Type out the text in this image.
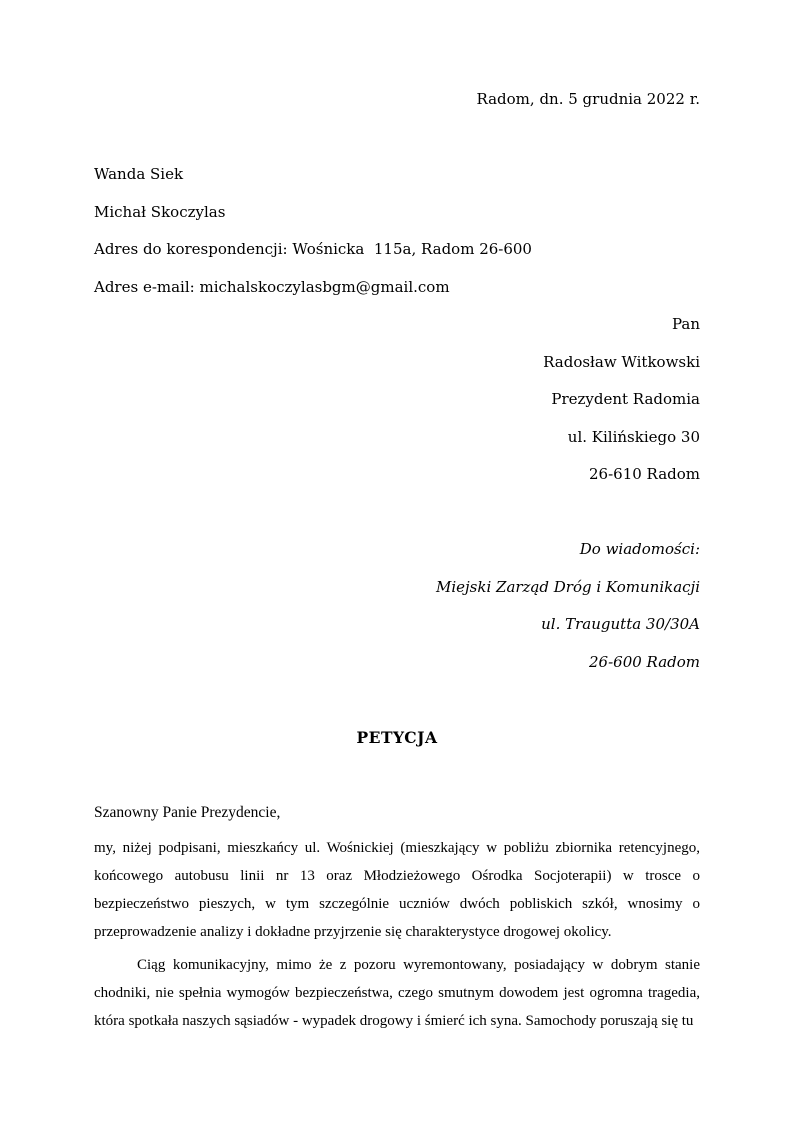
Radom, dn. 5 grudnia 2022 r.
Wanda Siek
Michał Skoczylas
Adres do korespondencji: Wośnicka  115a, Radom 26-600
Adres e-mail: michalskoczylasbgm@gmail.com
Pan
Radosław Witkowski
Prezydent Radomia
ul. Kilińskiego 30
26-610 Radom
Do wiadomości:
Miejski Zarząd Dróg i Komunikacji
ul. Traugutta 30/30A
26-600 Radom
PETYCJA
Szanowny Panie Prezydencie,

my, niżej podpisani, mieszkańcy ul. Wośnickiej (mieszkający w pobliżu zbiornika retencyjnego, końcowego autobusu linii nr 13 oraz Młodzieżowego Ośrodka Socjoterapii) w trosce o bezpieczeństwo pieszych, w tym szczególnie uczniów dwóch pobliskich szkół, wnosimy o przeprowadzenie analizy i dokładne przyjrzenie się charakterystyce drogowej okolicy.

Ciąg komunikacyjny, mimo że z pozoru wyremontowany, posiadający w dobrym stanie chodniki, nie spełnia wymogów bezpieczeństwa, czego smutnym dowodem jest ogromna tragedia, która spotkała naszych sąsiadów - wypadek drogowy i śmierć ich syna. Samochody poruszają się tu
